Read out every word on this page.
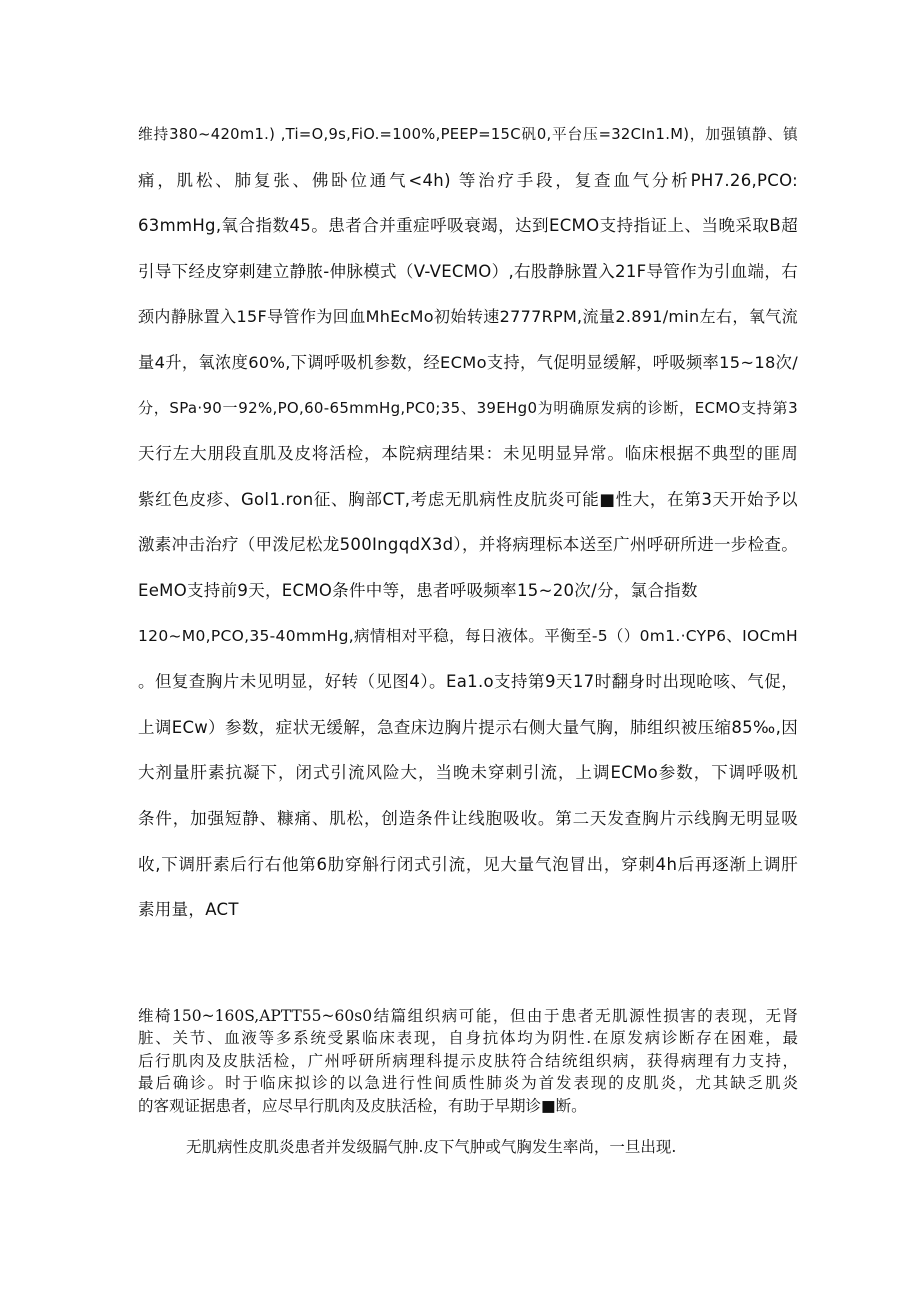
维持380~420m1.) ,Ti=O,9s,FiO.=100%,PEEP=15C矾0,平台压=32CIn1.M)，加强镇静、镇
痛，肌松、肺复张、佛卧位通气<4h) 等治疗手段，复查血气分析PH7.26,PCO:
63mmHg,氧合指数45。患者合并重症呼吸衰竭，达到ECMO支持指证上、当晚采取B超
引导下经皮穿刺建立静脓-伸脉模式（V-VECMO）,右股静脉置入21F导管作为引血端，右
颈内静脉置入15F导管作为回血MhEcMo初始转速2777RPM,流量2.891∕min左右，氧气流
量4升，氧浓度60%,下调呼吸机参数，经ECMo支持，气促明显缓解，呼吸频率15~18次/
分，SPa·90一92%,PO,60-65mmHg,PC0;35、39EHg0为明确原发病的诊断，ECMO支持第3
天行左大朋段直肌及皮将活检，本院病理结果：未见明显异常。临床根据不典型的匪周
紫红色皮疹、Gol1.ron征、胸部CT,考虑无肌病性皮肮炎可能■性大，在第3天开始予以
激素冲击治疗（甲泼尼松龙500IngqdX3d），并将病理标本送至广州呼研所进一步检查。
EeMO支持前9天，ECMO条件中等，患者呼吸频率15~20次/分，氯合指数
120~M0,PCO,35-40mmHg,病情相对平稳，每日液体。平衡至-5（）0m1.·CYP6、IOCmH
。但复查胸片未见明显，好转（见图4）。Ea1.o支持第9天17时翻身时出现呛咳、气促，
上调ECw）参数，症状无缓解，急查床边胸片提示右侧大量气胸，肺组织被压缩85‰,因
大剂量肝素抗凝下，闭式引流风险大，当晚未穿刺引流，上调ECMo参数，下调呼吸机
条件，加强短静、糠痛、肌松，创造条件让线胞吸收。第二天发查胸片示线胸无明显吸
收,下调肝素后行右他第6肋穿斛行闭式引流，见大量气泡冒出，穿刺4h后再逐渐上调肝
素用量，ACT
维椅150~160S,APTT55~60s0结篇组织病可能，但由于患者无肌源性损害的表现，无肾
脏、关节、血液等多系统受累临床表现，自身抗体均为阴性.在原发病诊断存在困难，最
后行肌肉及皮肤活检，广州呼研所病理科提示皮肤符合结统组织病，获得病理有力支持，
最后确诊。时于临床拟诊的以急进行性间质性肺炎为首发表现的皮肌炎，尤其缺乏肌炎
的客观证据患者，应尽早行肌肉及皮肤活检，有助于早期诊■断。
无肌病性皮肌炎患者并发级膈气肿.皮下气肿或气胸发生率尚，一旦出现.
